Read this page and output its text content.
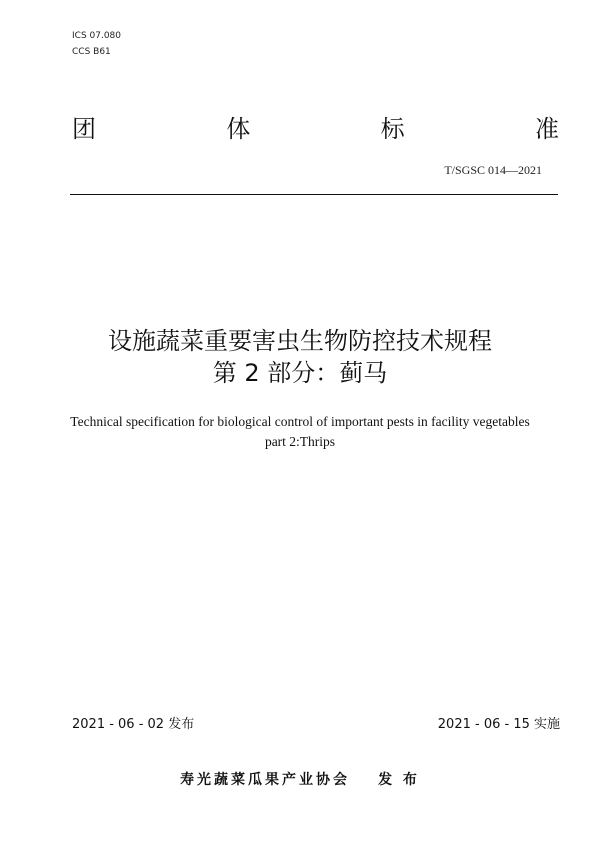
ICS 07.080
CCS B61
团	体	标	准
T/SGSC 014—2021
设施蔬菜重要害虫生物防控技术规程
第 2 部分：蓟马
Technical specification for biological control of important pests in facility vegetables
part 2:Thrips
2021 - 06 - 02 发布	2021 - 06 - 15 实施
寿光蔬菜瓜果产业协会 发 布
